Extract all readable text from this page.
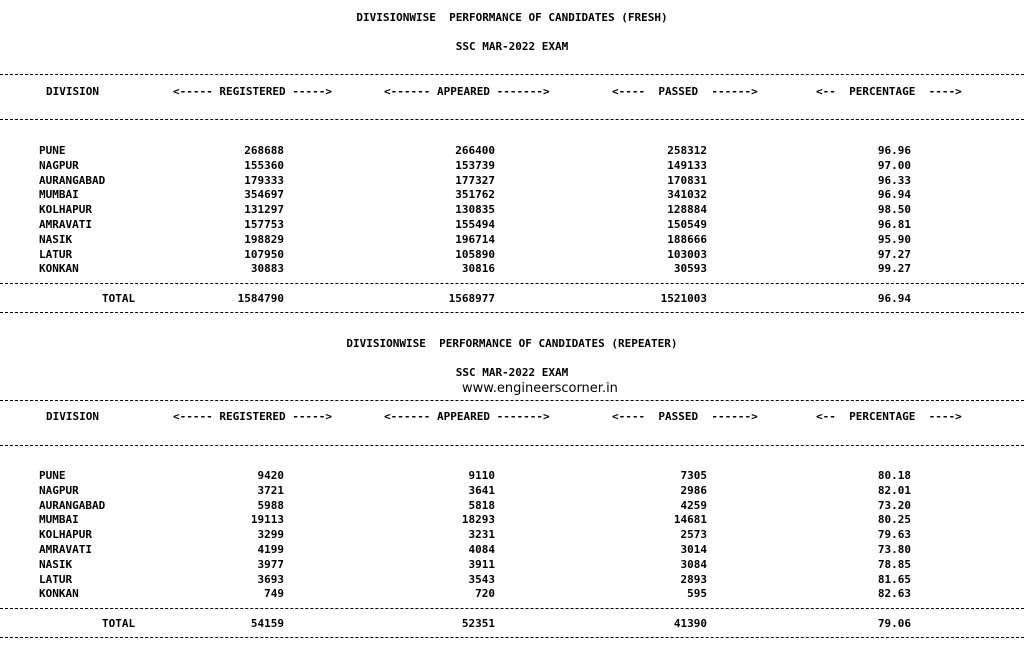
DIVISIONWISE  PERFORMANCE OF CANDIDATES (FRESH)
SSC MAR-2022 EXAM
DIVISION	<----- REGISTERED ----->	<------ APPEARED ------->	<----  PASSED  ------>	<--  PERCENTAGE  ---->
PUNE	268688	266400	258312	96.96
NAGPUR	155360	153739	149133	97.00
AURANGABAD	179333	177327	170831	96.33
MUMBAI	354697	351762	341032	96.94
KOLHAPUR	131297	130835	128884	98.50
AMRAVATI	157753	155494	150549	96.81
NASIK	198829	196714	188666	95.90
LATUR	107950	105890	103003	97.27
KONKAN	30883	30816	30593	99.27
TOTAL	1584790	1568977	1521003	96.94
DIVISIONWISE  PERFORMANCE OF CANDIDATES (REPEATER)
SSC MAR-2022 EXAM
www.engineerscorner.in
DIVISION	<----- REGISTERED ----->	<------ APPEARED ------->	<----  PASSED  ------>	<--  PERCENTAGE  ---->
PUNE	9420	9110	7305	80.18
NAGPUR	3721	3641	2986	82.01
AURANGABAD	5988	5818	4259	73.20
MUMBAI	19113	18293	14681	80.25
KOLHAPUR	3299	3231	2573	79.63
AMRAVATI	4199	4084	3014	73.80
NASIK	3977	3911	3084	78.85
LATUR	3693	3543	2893	81.65
KONKAN	749	720	595	82.63
TOTAL	54159	52351	41390	79.06
